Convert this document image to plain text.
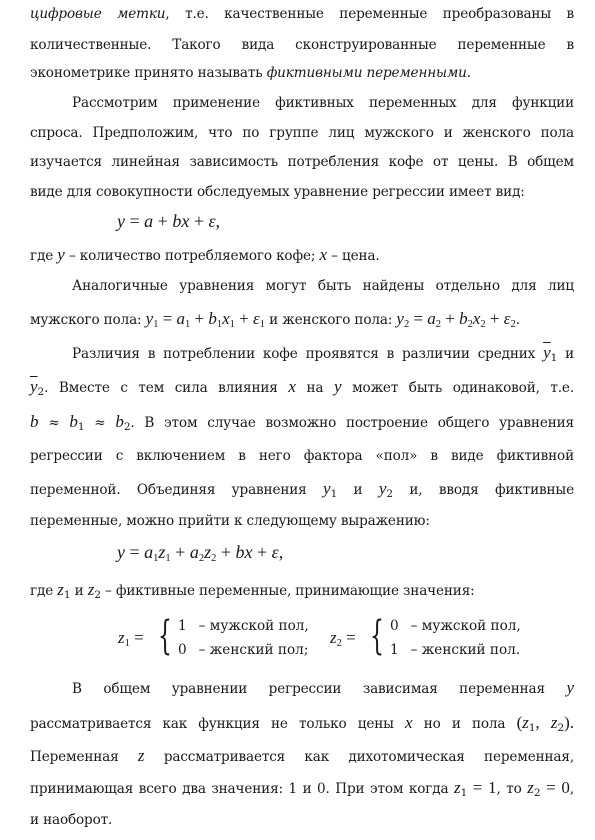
цифровые метки, т.е. качественные переменные преобразованы в
количественные. Такого вида сконструированные переменные в
эконометрике принято называть фиктивными переменными.
Рассмотрим применение фиктивных переменных для функции
спроса. Предположим, что по группе лиц мужского и женского пола
изучается линейная зависимость потребления кофе от цены. В общем
виде для совокупности обследуемых уравнение регрессии имеет вид:
y = a + bx + ε,
где y – количество потребляемого кофе; x – цена.
Аналогичные уравнения могут быть найдены отдельно для лиц
мужского пола: $y_1 = a_1 + b_1x_1 + \varepsilon_1$ и женского пола: $y_2 = a_2 + b_2x_2 + \varepsilon_2$.
Различия в потреблении кофе проявятся в различии средних $\overline{y}_1$ и
$\overline{y}_2$. Вместе с тем сила влияния x на y может быть одинаковой, т.е.
$b \approx b_1 \approx b_2$. В этом случае возможно построение общего уравнения
регрессии с включением в него фактора «пол» в виде фиктивной
переменной. Объединяя уравнения $y_1$ и $y_2$ и, вводя фиктивные
переменные, можно прийти к следующему выражению:
$y = a_1z_1 + a_2z_2$ + bx + ε,
где $z_1$ и $z_2$ – фиктивные переменные, принимающие значения:
$z_1$ = { 1 – мужской пол,
0 – женский пол;
$z_2$ = { 0 – мужской пол,
1 – женский пол.
В общем уравнении регрессии зависимая переменная y
рассматривается как функция не только цены x но и пола ($z_1$, $z_2$).
Переменная z рассматривается как дихотомическая переменная,
принимающая всего два значения: 1 и 0. При этом когда $z_1 = 1$, то $z_2 = 0$,
и наоборот.
